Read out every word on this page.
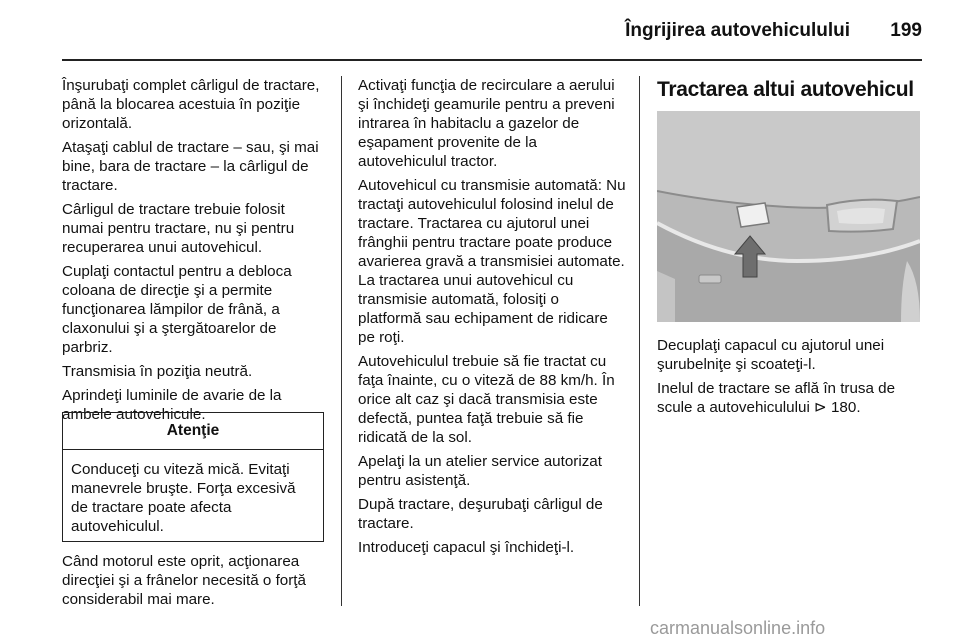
Îngrijirea autovehiculului	199

Înşurubaţi complet cârligul de tractare, până la blocarea acestuia în poziţie orizontală.

Ataşaţi cablul de tractare – sau, şi mai bine, bara de tractare – la cârligul de tractare.

Cârligul de tractare trebuie folosit numai pentru tractare, nu şi pentru recuperarea unui autovehicul.

Cuplaţi contactul pentru a debloca coloana de direcţie şi a permite funcţionarea lămpilor de frână, a claxonului şi a ştergătoarelor de parbriz.

Transmisia în poziţia neutră.

Aprindeţi luminile de avarie de la ambele autovehicule.

Atenţie
Conduceţi cu viteză mică. Evitaţi manevrele bruşte. Forţa excesivă de tractare poate afecta autovehiculul.
Când motorul este oprit, acţionarea direcţiei şi a frânelor necesită o forţă considerabil mai mare.

Activaţi funcţia de recirculare a aerului şi închideţi geamurile pentru a preveni intrarea în habitaclu a gazelor de eşapament provenite de la autovehiculul tractor.

Autovehicul cu transmisie automată: Nu tractaţi autovehiculul folosind inelul de tractare. Tractarea cu ajutorul unei frânghii pentru tractare poate produce avarierea gravă a transmisiei automate. La tractarea unui autovehicul cu transmisie automată, folosiţi o platformă sau echipament de ridicare pe roţi.

Autovehiculul trebuie să fie tractat cu faţa înainte, cu o viteză de 88 km/h. În orice alt caz şi dacă transmisia este defectă, puntea faţă trebuie să fie ridicată de la sol.

Apelaţi la un atelier service autorizat pentru asistenţă.

După tractare, deşurubaţi cârligul de tractare.

Introduceţi capacul şi închideţi-l.

Tractarea altui autovehicul

Decuplaţi capacul cu ajutorul unei şurubelniţe şi scoateţi-l.

Inelul de tractare se află în trusa de scule a autovehiculului ⊳ 180.

carmanualsonline.info
